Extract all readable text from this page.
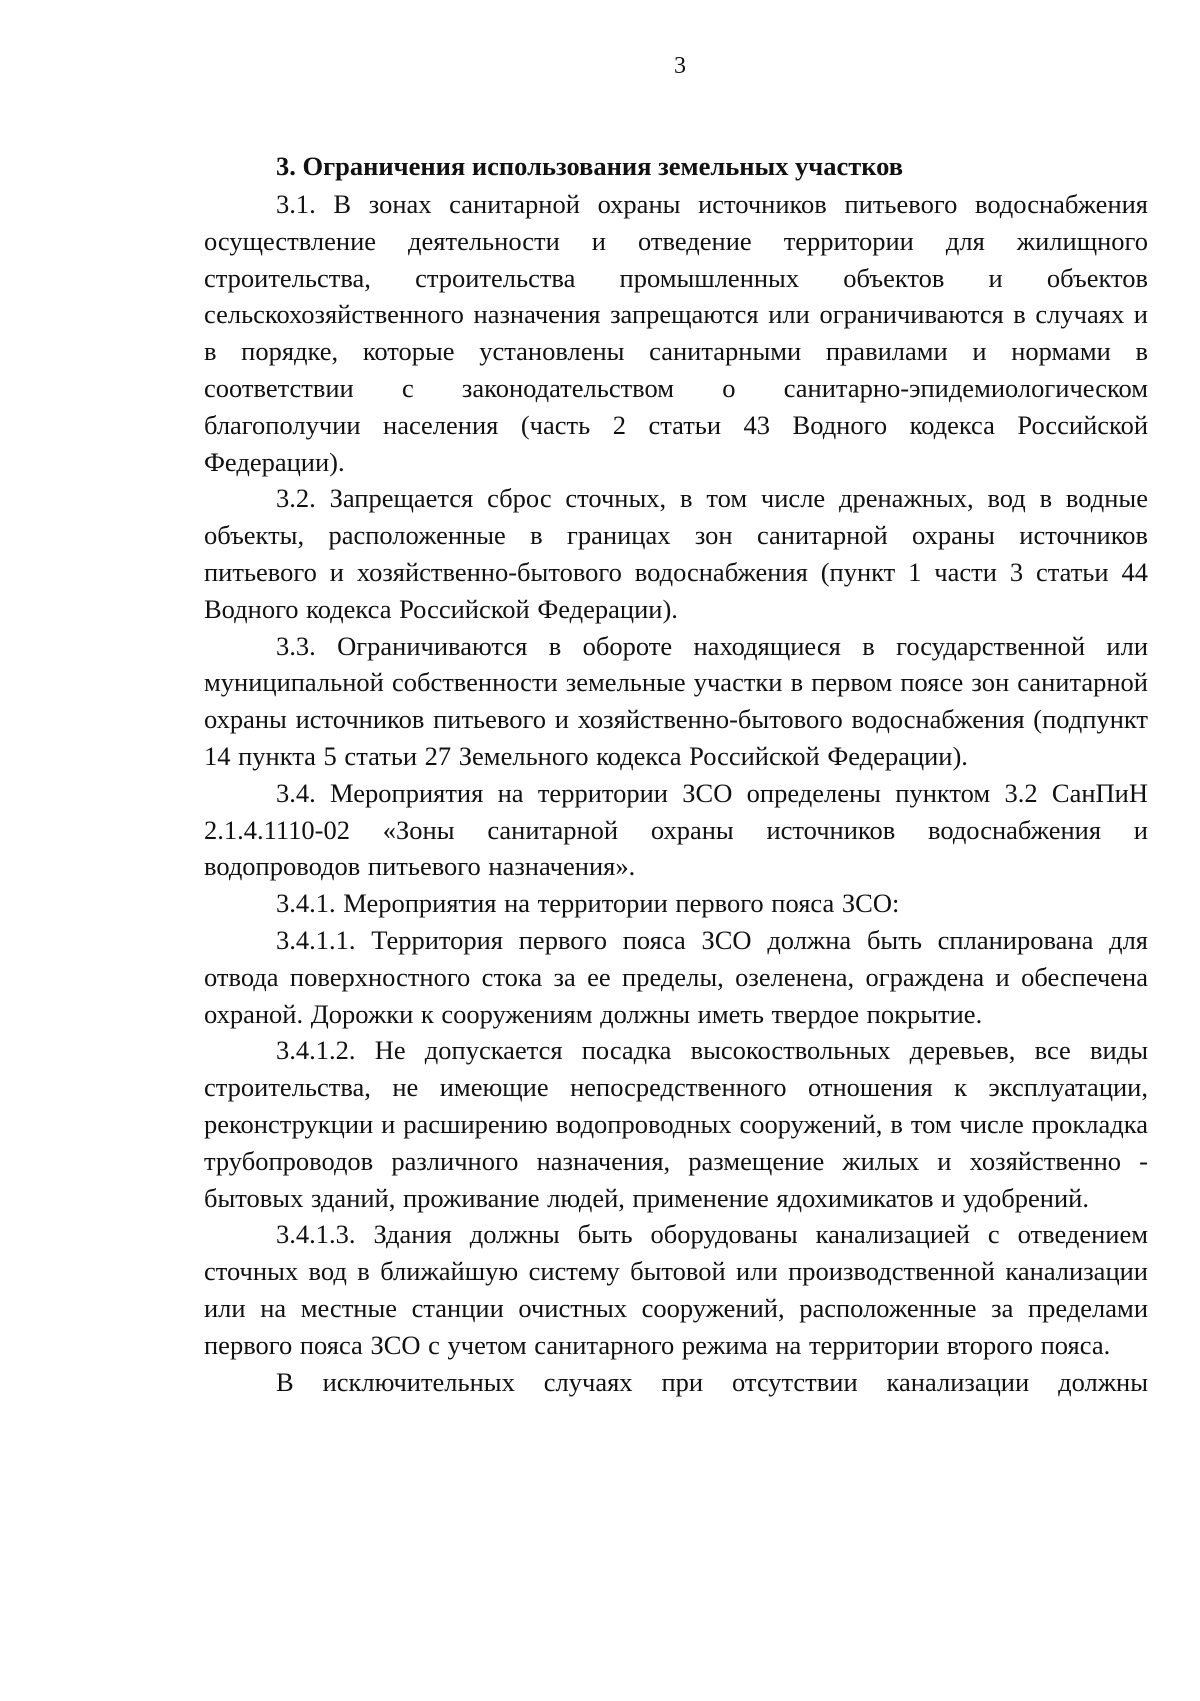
3
3. Ограничения использования земельных участков

3.1. В зонах санитарной охраны источников питьевого водоснабжения осуществление деятельности и отведение территории для жилищного строительства, строительства промышленных объектов и объектов сельскохозяйственного назначения запрещаются или ограничиваются в случаях и в порядке, которые установлены санитарными правилами и нормами в соответствии с законодательством о санитарно-эпидемиологическом благополучии населения (часть 2 статьи 43 Водного кодекса Российской Федерации).

3.2. Запрещается сброс сточных, в том числе дренажных, вод в водные объекты, расположенные в границах зон санитарной охраны источников питьевого и хозяйственно-бытового водоснабжения (пункт 1 части 3 статьи 44 Водного кодекса Российской Федерации).

3.3. Ограничиваются в обороте находящиеся в государственной или муниципальной собственности земельные участки в первом поясе зон санитарной охраны источников питьевого и хозяйственно-бытового водоснабжения (подпункт 14 пункта 5 статьи 27 Земельного кодекса Российской Федерации).

3.4. Мероприятия на территории ЗСО определены пунктом 3.2 СанПиН 2.1.4.1110-02 «Зоны санитарной охраны источников водоснабжения и водопроводов питьевого назначения».

3.4.1. Мероприятия на территории первого пояса ЗСО:

3.4.1.1. Территория первого пояса ЗСО должна быть спланирована для отвода поверхностного стока за ее пределы, озеленена, ограждена и обеспечена охраной. Дорожки к сооружениям должны иметь твердое покрытие.

3.4.1.2. Не допускается посадка высокоствольных деревьев, все виды строительства, не имеющие непосредственного отношения к эксплуатации, реконструкции и расширению водопроводных сооружений, в том числе прокладка трубопроводов различного назначения, размещение жилых и хозяйственно - бытовых зданий, проживание людей, применение ядохимикатов и удобрений.

3.4.1.3. Здания должны быть оборудованы канализацией с отведением сточных вод в ближайшую систему бытовой или производственной канализации или на местные станции очистных сооружений, расположенные за пределами первого пояса ЗСО с учетом санитарного режима на территории второго пояса.

В исключительных случаях при отсутствии канализации должны
